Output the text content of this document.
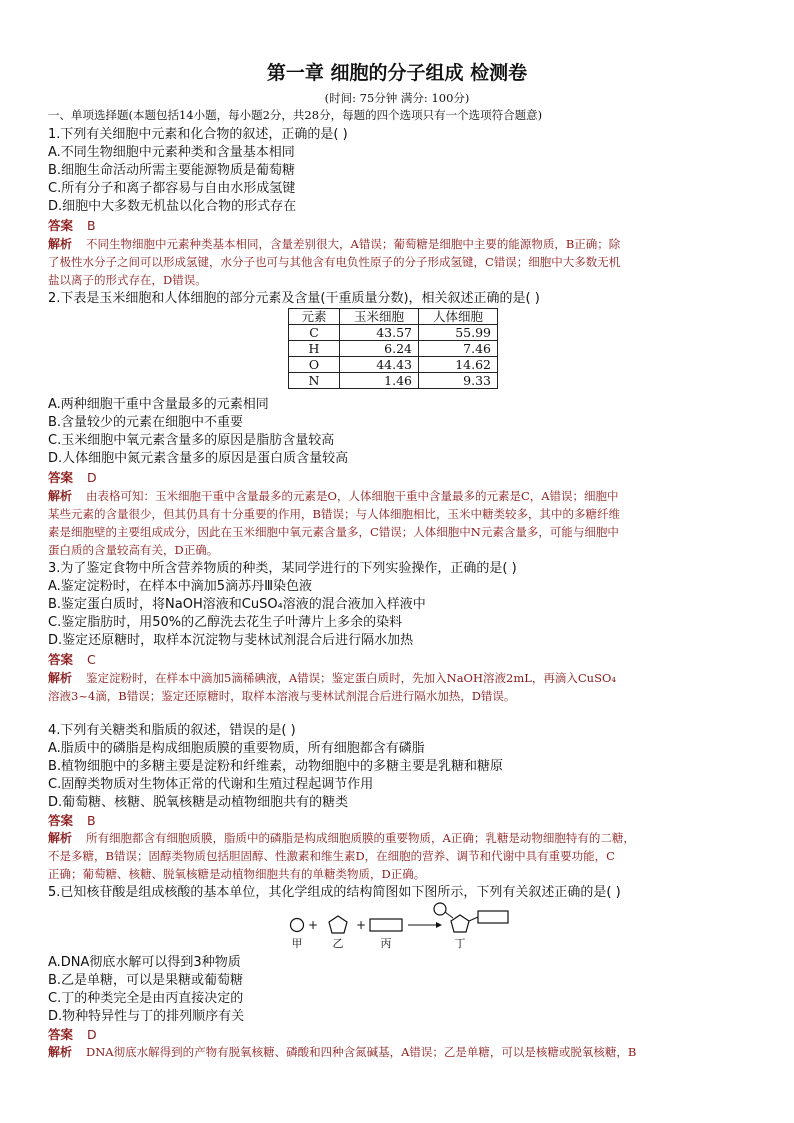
第一章 细胞的分子组成 检测卷
(时间: 75分钟 满分: 100分)
一、单项选择题(本题包括14小题，每小题2分，共28分，每题的四个选项只有一个选项符合题意)
1.下列有关细胞中元素和化合物的叙述，正确的是( )
A.不同生物细胞中元素种类和含量基本相同
B.细胞生命活动所需主要能源物质是葡萄糖
C.所有分子和离子都容易与自由水形成氢键
D.细胞中大多数无机盐以化合物的形式存在
答案 B
解析 不同生物细胞中元素种类基本相同，含量差别很大，A错误；葡萄糖是细胞中主要的能源物质，B正确；除
了极性水分子之间可以形成氢键，水分子也可与其他含有电负性原子的分子形成氢键，C错误；细胞中大多数无机
盐以离子的形式存在，D错误。
2.下表是玉米细胞和人体细胞的部分元素及含量(干重质量分数)，相关叙述正确的是( )
元素	玉米细胞	人体细胞
C	43.57	55.99
H	6.24	7.46
O	44.43	14.62
N	1.46	9.33
A.两种细胞干重中含量最多的元素相同
B.含量较少的元素在细胞中不重要
C.玉米细胞中氧元素含量多的原因是脂肪含量较高
D.人体细胞中氮元素含量多的原因是蛋白质含量较高
答案 D
解析 由表格可知：玉米细胞干重中含量最多的元素是O，人体细胞干重中含量最多的元素是C，A错误；细胞中
某些元素的含量很少，但其仍具有十分重要的作用，B错误；与人体细胞相比，玉米中糖类较多，其中的多糖纤维
素是细胞壁的主要组成成分，因此在玉米细胞中氧元素含量多，C错误；人体细胞中N元素含量多，可能与细胞中
蛋白质的含量较高有关，D正确。
3.为了鉴定食物中所含营养物质的种类，某同学进行的下列实验操作，正确的是( )
A.鉴定淀粉时，在样本中滴加5滴苏丹Ⅲ染色液
B.鉴定蛋白质时，将NaOH溶液和CuSO₄溶液的混合液加入样液中
C.鉴定脂肪时，用50%的乙醇洗去花生子叶薄片上多余的染料
D.鉴定还原糖时，取样本沉淀物与斐林试剂混合后进行隔水加热
答案 C
解析 鉴定淀粉时，在样本中滴加5滴稀碘液，A错误；鉴定蛋白质时，先加入NaOH溶液2mL，再滴入CuSO₄
溶液3~4滴，B错误；鉴定还原糖时，取样本溶液与斐林试剂混合后进行隔水加热，D错误。
4.下列有关糖类和脂质的叙述，错误的是( )
A.脂质中的磷脂是构成细胞质膜的重要物质，所有细胞都含有磷脂
B.植物细胞中的多糖主要是淀粉和纤维素，动物细胞中的多糖主要是乳糖和糖原
C.固醇类物质对生物体正常的代谢和生殖过程起调节作用
D.葡萄糖、核糖、脱氧核糖是动植物细胞共有的糖类
答案 B
解析 所有细胞都含有细胞质膜，脂质中的磷脂是构成细胞质膜的重要物质，A正确；乳糖是动物细胞特有的二糖，
不是多糖，B错误；固醇类物质包括胆固醇、性激素和维生素D，在细胞的营养、调节和代谢中具有重要功能，C
正确；葡萄糖、核糖、脱氧核糖是动植物细胞共有的单糖类物质，D正确。
5.已知核苷酸是组成核酸的基本单位，其化学组成的结构简图如下图所示，下列有关叙述正确的是( )
+	+
甲	乙	丙	丁
A.DNA彻底水解可以得到3种物质
B.乙是单糖，可以是果糖或葡萄糖
C.丁的种类完全是由丙直接决定的
D.物种特异性与丁的排列顺序有关
答案 D
解析 DNA彻底水解得到的产物有脱氧核糖、磷酸和四种含氮碱基，A错误；乙是单糖，可以是核糖或脱氧核糖，B
